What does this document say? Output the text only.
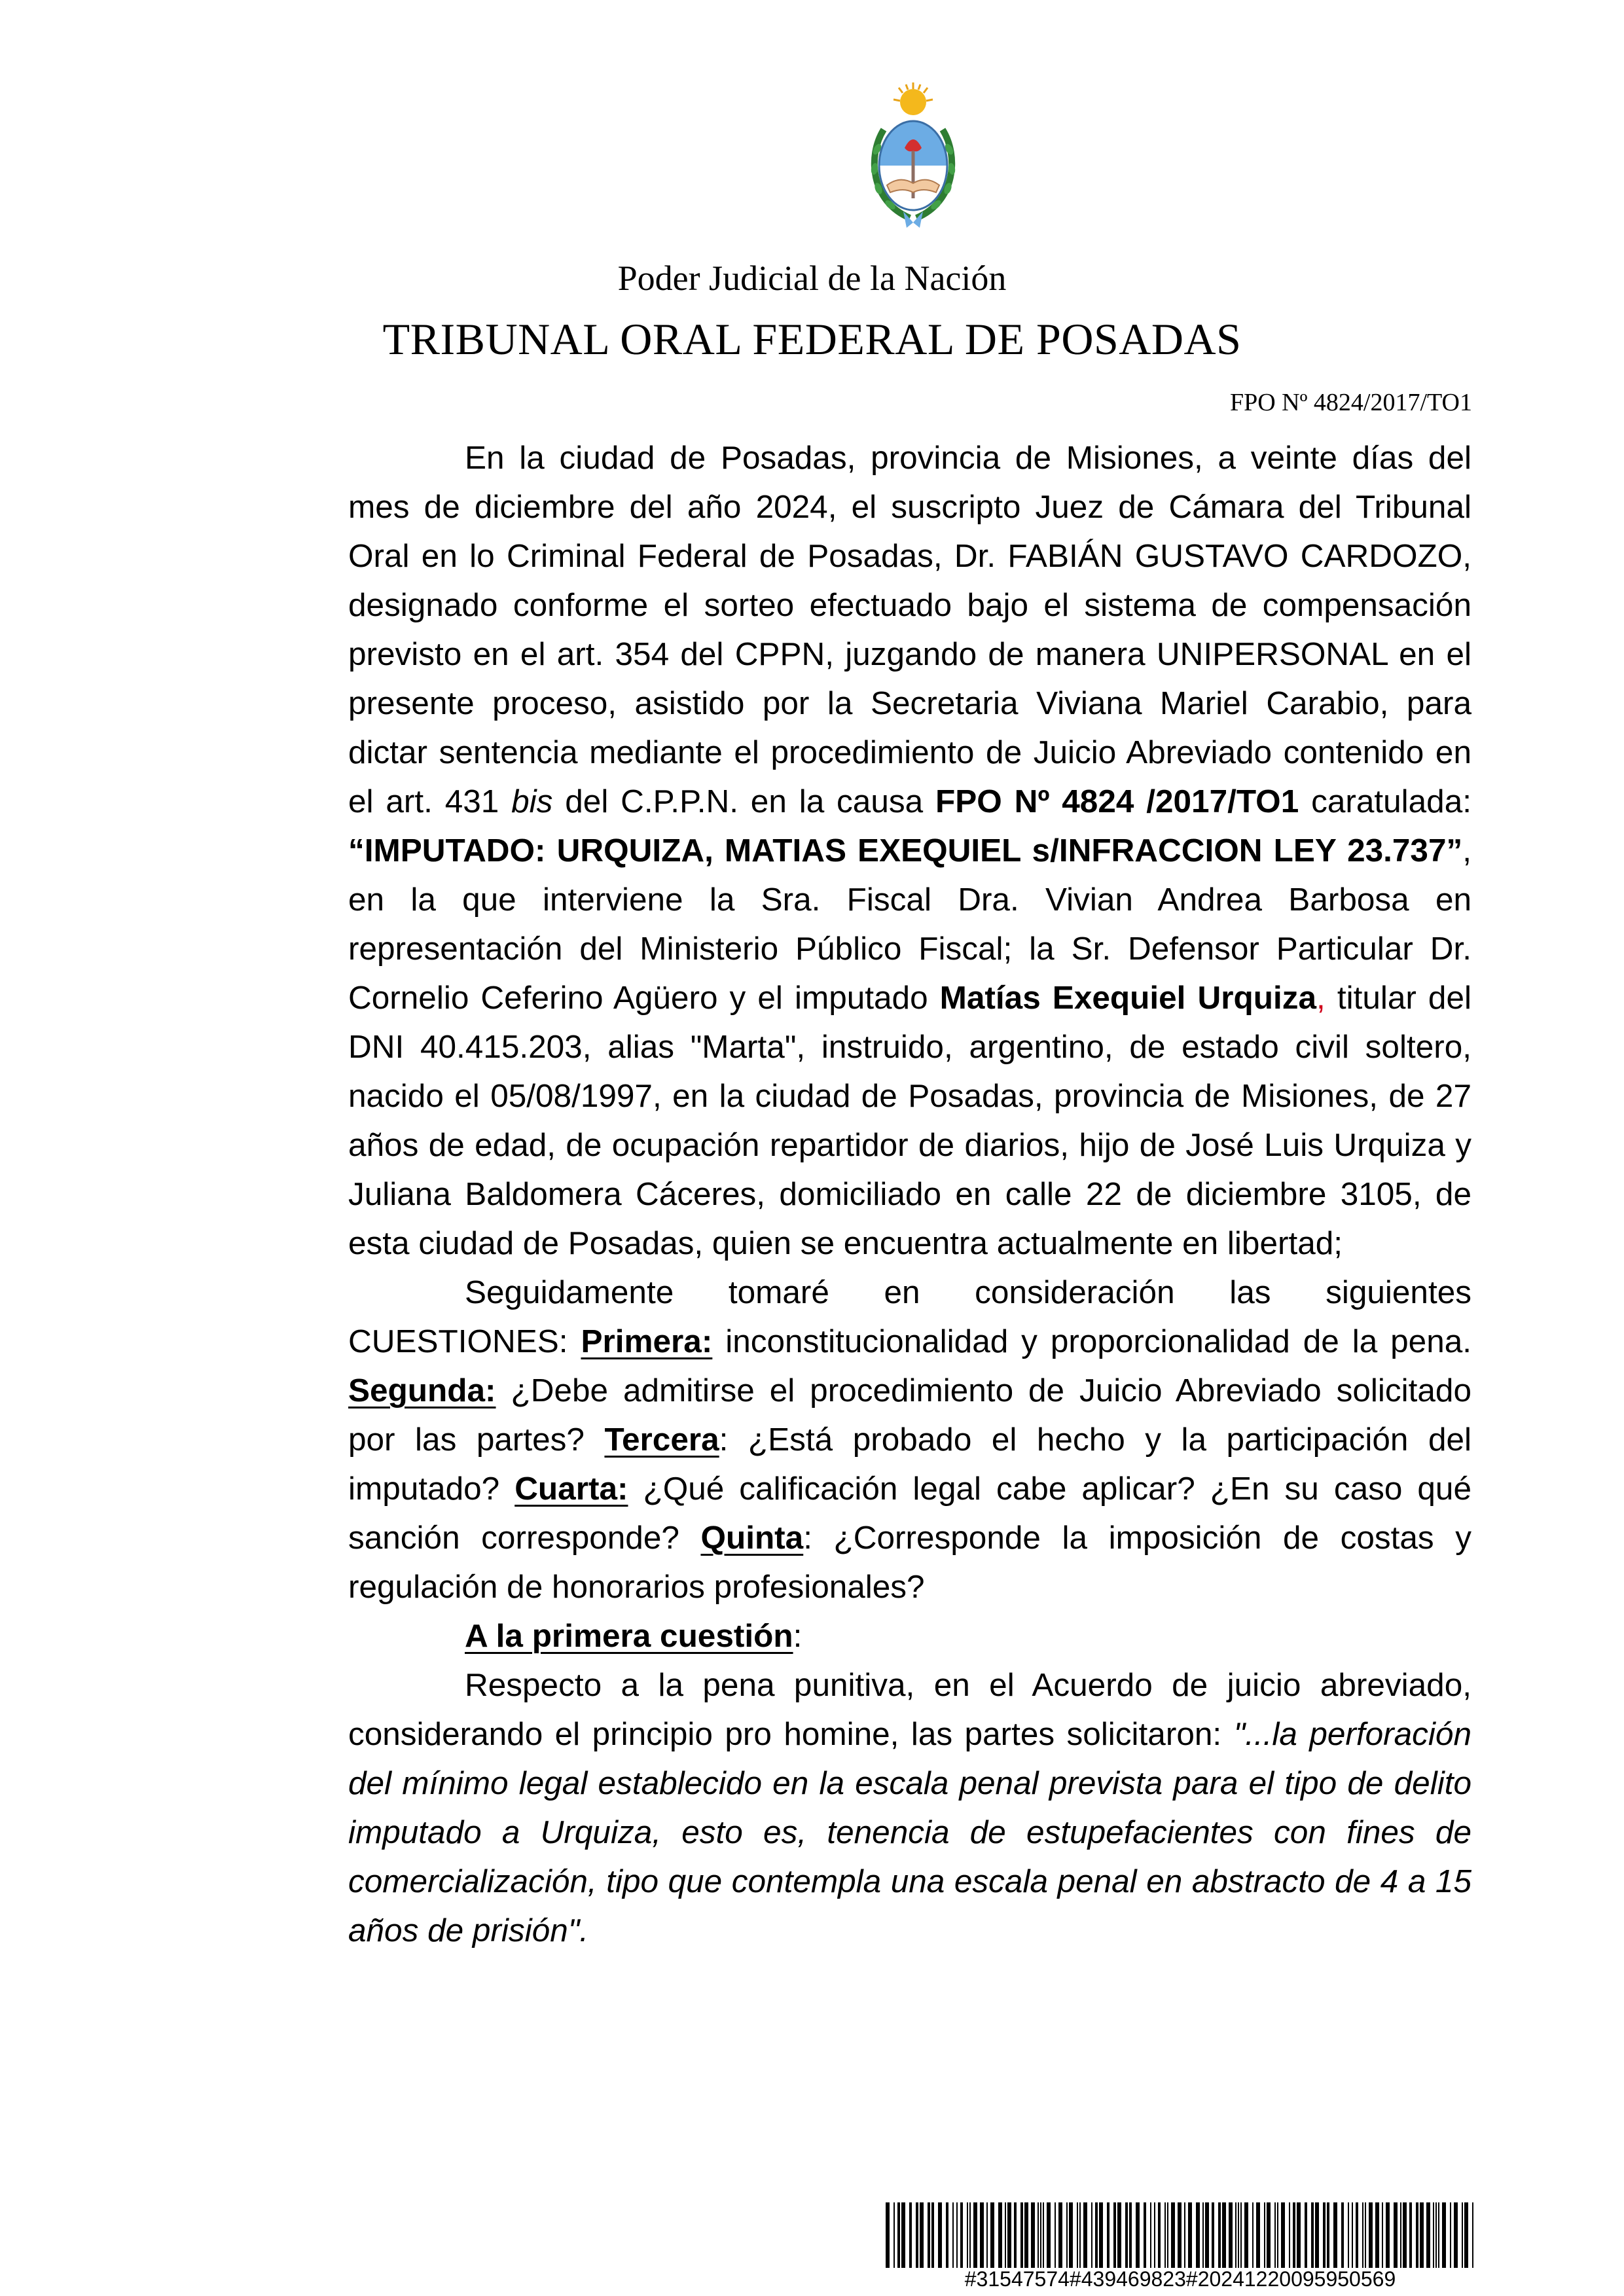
Poder Judicial de la Nación
TRIBUNAL ORAL FEDERAL DE POSADAS
FPO Nº 4824/2017/TO1

En la ciudad de Posadas, provincia de Misiones, a veinte días del mes de diciembre del año 2024, el suscripto Juez de Cámara del Tribunal Oral en lo Criminal Federal de Posadas, Dr. FABIÁN GUSTAVO CARDOZO, designado conforme el sorteo efectuado bajo el sistema de compensación previsto en el art. 354 del CPPN, juzgando de manera UNIPERSONAL en el presente proceso, asistido por la Secretaria Viviana Mariel Carabio, para dictar sentencia mediante el procedimiento de Juicio Abreviado contenido en el art. 431 bis del C.P.P.N. en la causa FPO Nº 4824 /2017/TO1 caratulada: “IMPUTADO: URQUIZA, MATIAS EXEQUIEL s/INFRACCION LEY 23.737”, en la que interviene la Sra. Fiscal Dra. Vivian Andrea Barbosa en representación del Ministerio Público Fiscal; la Sr. Defensor Particular Dr. Cornelio Ceferino Agüero y el imputado Matías Exequiel Urquiza, titular del DNI 40.415.203, alias "Marta", instruido, argentino, de estado civil soltero, nacido el 05/08/1997, en la ciudad de Posadas, provincia de Misiones, de 27 años de edad, de ocupación repartidor de diarios, hijo de José Luis Urquiza y Juliana Baldomera Cáceres, domiciliado en calle 22 de diciembre 3105, de esta ciudad de Posadas, quien se encuentra actualmente en libertad;

Seguidamente tomaré en consideración las siguientes CUESTIONES: Primera: inconstitucionalidad y proporcionalidad de la pena. Segunda: ¿Debe admitirse el procedimiento de Juicio Abreviado solicitado por las partes? Tercera: ¿Está probado el hecho y la participación del imputado? Cuarta: ¿Qué calificación legal cabe aplicar? ¿En su caso qué sanción corresponde? Quinta: ¿Corresponde la imposición de costas y regulación de honorarios profesionales?

A la primera cuestión:

Respecto a la pena punitiva, en el Acuerdo de juicio abreviado, considerando el principio pro homine, las partes solicitaron: "...la perforación del mínimo legal establecido en la escala penal prevista para el tipo de delito imputado a Urquiza, esto es, tenencia de estupefacientes con fines de comercialización, tipo que contempla una escala penal en abstracto de 4 a 15 años de prisión".

#31547574#439469823#20241220095950569
